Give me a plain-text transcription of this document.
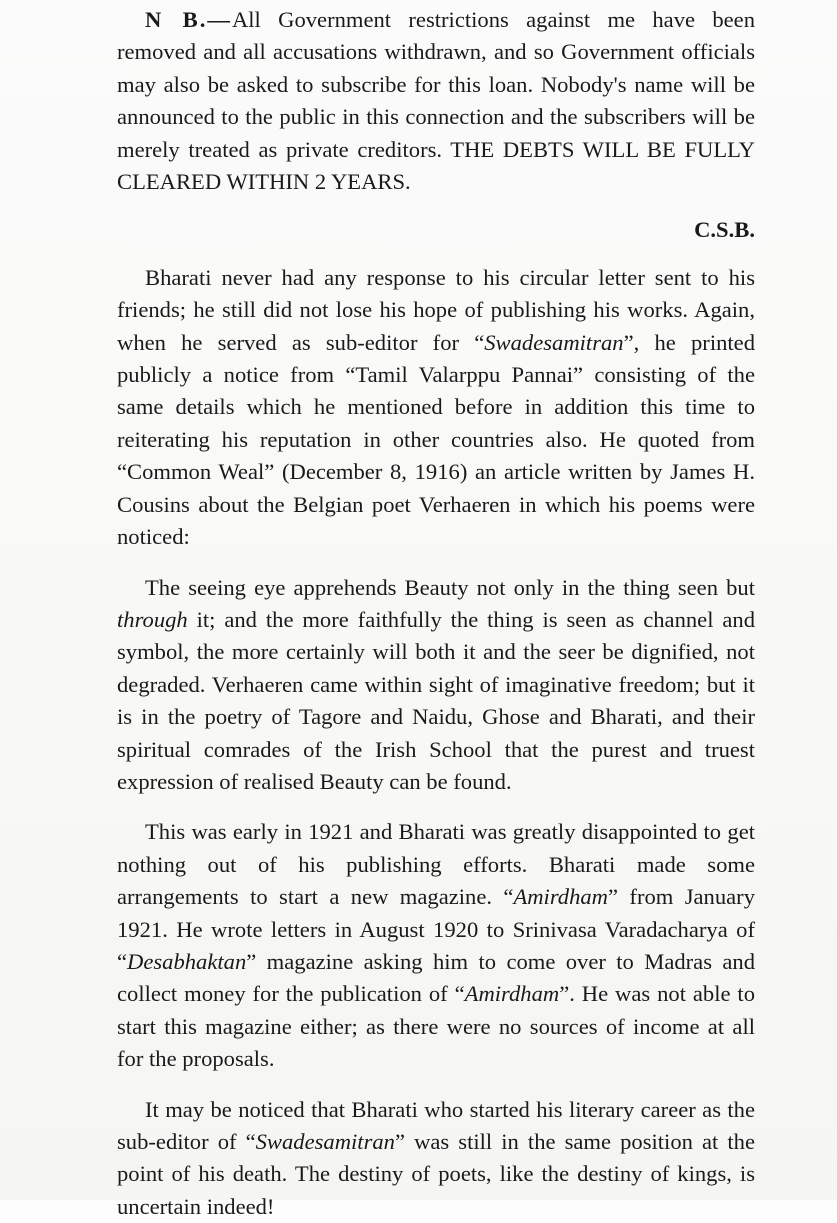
N B.—All Government restrictions against me have been removed and all accusations withdrawn, and so Government officials may also be asked to subscribe for this loan. Nobody's name will be announced to the public in this connection and the subscribers will be merely treated as private creditors. THE DEBTS WILL BE FULLY CLEARED WITHIN 2 YEARS.

C.S.B.

Bharati never had any response to his circular letter sent to his friends; he still did not lose his hope of publishing his works. Again, when he served as sub-editor for “Swadesamitran”, he printed publicly a notice from “Tamil Valarppu Pannai” consisting of the same details which he mentioned before in addition this time to reiterating his reputation in other countries also. He quoted from “Common Weal” (December 8, 1916) an article written by James H. Cousins about the Belgian poet Verhaeren in which his poems were noticed:

The seeing eye apprehends Beauty not only in the thing seen but through it; and the more faithfully the thing is seen as channel and symbol, the more certainly will both it and the seer be dignified, not degraded. Verhaeren came within sight of imaginative freedom; but it is in the poetry of Tagore and Naidu, Ghose and Bharati, and their spiritual comrades of the Irish School that the purest and truest expression of realised Beauty can be found.

This was early in 1921 and Bharati was greatly disappointed to get nothing out of his publishing efforts. Bharati made some arrangements to start a new magazine. “Amirdham” from January 1921. He wrote letters in August 1920 to Srinivasa Varadacharya of “Desabhaktan” magazine asking him to come over to Madras and collect money for the publication of “Amirdham”. He was not able to start this magazine either; as there were no sources of income at all for the proposals.

It may be noticed that Bharati who started his literary career as the sub-editor of “Swadesamitran” was still in the same position at the point of his death. The destiny of poets, like the destiny of kings, is uncertain indeed!
